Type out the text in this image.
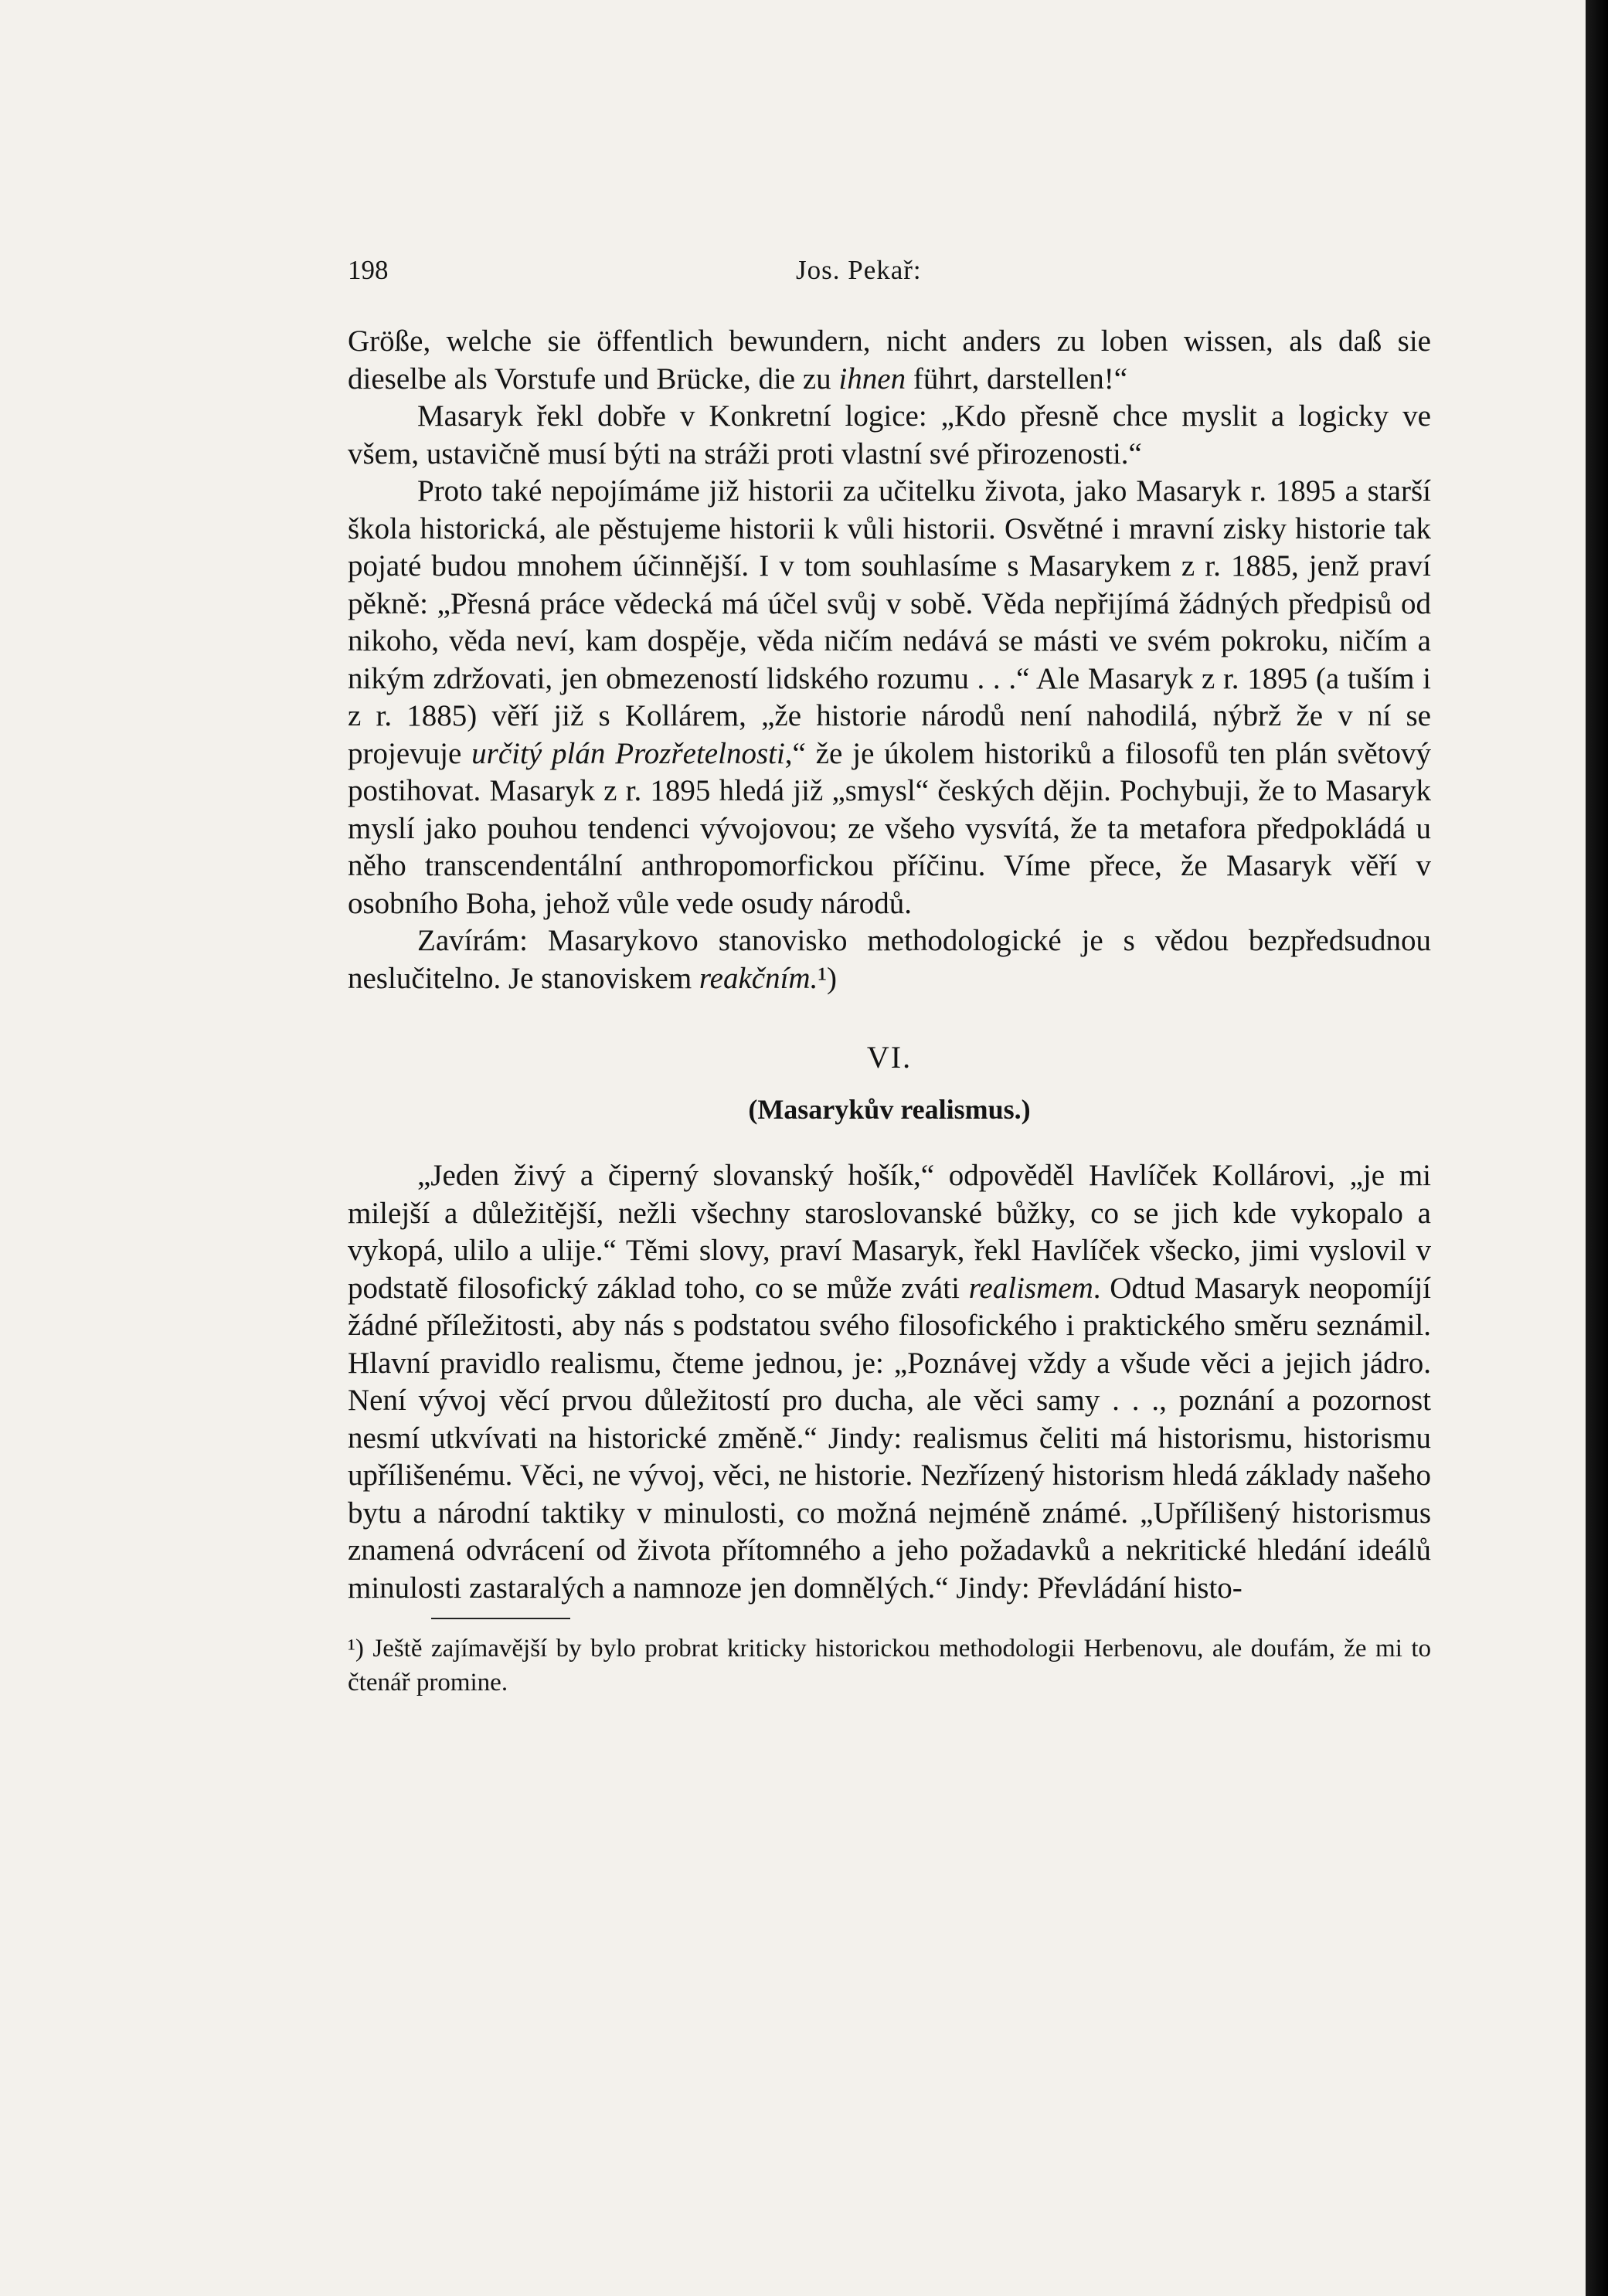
198	Jos. Pekař:

Größe, welche sie öffentlich bewundern, nicht anders zu loben wissen, als daß sie dieselbe als Vorstufe und Brücke, die zu ihnen führt, darstellen!“

Masaryk řekl dobře v Konkretní logice: „Kdo přesně chce myslit a logicky ve všem, ustavičně musí býti na stráži proti vlastní své přirozenosti.“

Proto také nepojímáme již historii za učitelku života, jako Masaryk r. 1895 a starší škola historická, ale pěstujeme historii k vůli historii. Osvětné i mravní zisky historie tak pojaté budou mnohem účinnější. I v tom souhlasíme s Masarykem z r. 1885, jenž praví pěkně: „Přesná práce vědecká má účel svůj v sobě. Věda nepřijímá žádných předpisů od nikoho, věda neví, kam dospěje, věda ničím nedává se másti ve svém pokroku, ničím a nikým zdržovati, jen obmezeností lidského rozumu . . .“ Ale Masaryk z r. 1895 (a tuším i z r. 1885) věří již s Kollárem, „že historie národů není nahodilá, nýbrž že v ní se projevuje určitý plán Prozřetelnosti,“ že je úkolem historiků a filosofů ten plán světový postihovat. Masaryk z r. 1895 hledá již „smysl“ českých dějin. Pochybuji, že to Masaryk myslí jako pouhou tendenci vývojovou; ze všeho vysvítá, že ta metafora předpokládá u něho transcendentální anthropomorfickou příčinu. Víme přece, že Masaryk věří v osobního Boha, jehož vůle vede osudy národů.

Zavírám: Masarykovo stanovisko methodologické je s vědou bezpředsudnou neslučitelno. Je stanoviskem reakčním.¹)

VI.
(Masarykův realismus.)

„Jeden živý a čiperný slovanský hošík,“ odpověděl Havlíček Kollárovi, „je mi milejší a důležitější, nežli všechny staroslovanské bůžky, co se jich kde vykopalo a vykopá, ulilo a ulije.“ Těmi slovy, praví Masaryk, řekl Havlíček všecko, jimi vyslovil v podstatě filosofický základ toho, co se může zváti realismem. Odtud Masaryk neopomíjí žádné příležitosti, aby nás s podstatou svého filosofického i praktického směru seznámil. Hlavní pravidlo realismu, čteme jednou, je: „Poznávej vždy a všude věci a jejich jádro. Není vývoj věcí prvou důležitostí pro ducha, ale věci samy . . ., poznání a pozornost nesmí utkvívati na historické změně.“ Jindy: realismus čeliti má historismu, historismu upřílišenému. Věci, ne vývoj, věci, ne historie. Nezřízený historism hledá základy našeho bytu a národní taktiky v minulosti, co možná nejméně známé. „Upřílišený historismus znamená odvrácení od života přítomného a jeho požadavků a nekritické hledání ideálů minulosti zastaralých a namnoze jen domnělých.“ Jindy: Převládání histo-

¹) Ještě zajímavější by bylo probrat kriticky historickou methodologii Herbenovu, ale doufám, že mi to čtenář promine.
